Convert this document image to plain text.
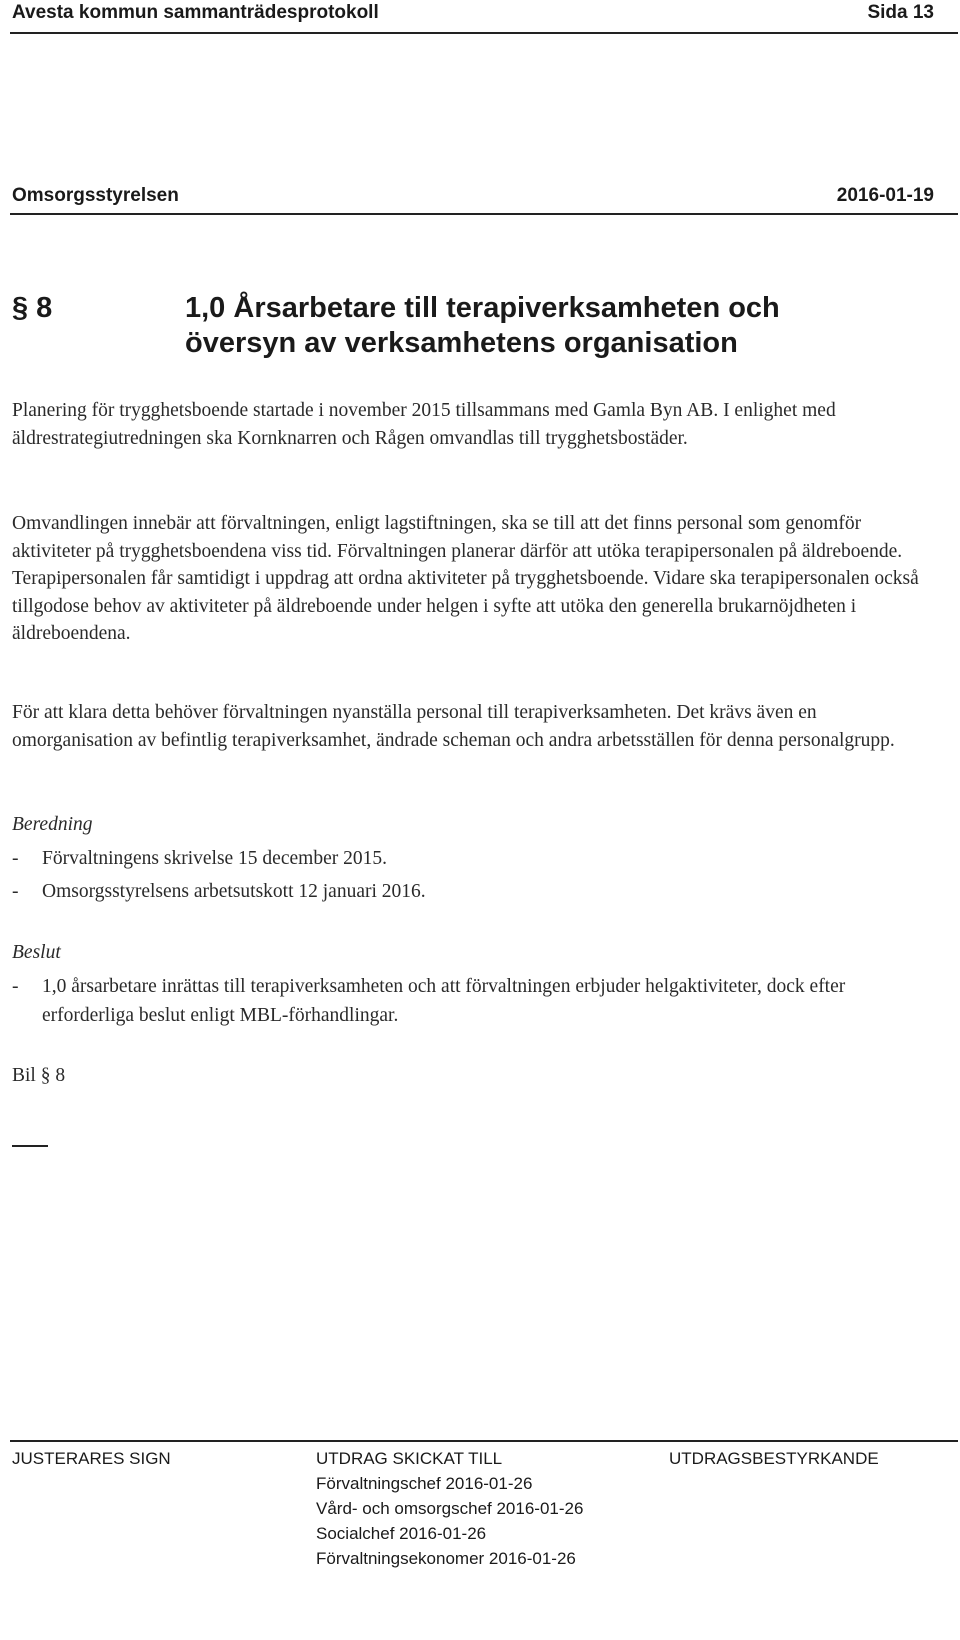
Avesta kommun sammanträdesprotokoll	Sida 13
Omsorgsstyrelsen	2016-01-19
§ 8	1,0 Årsarbetare till terapiverksamheten och
översyn av verksamhetens organisation

Planering för trygghetsboende startade i november 2015 tillsammans med Gamla Byn AB. I enlighet med äldrestrategiutredningen ska Kornknarren och Rågen omvandlas till trygghetsbostäder.

Omvandlingen innebär att förvaltningen, enligt lagstiftningen, ska se till att det finns personal som genomför aktiviteter på trygghetsboendena viss tid. Förvaltningen planerar därför att utöka terapipersonalen på äldreboende. Terapipersonalen får samtidigt i uppdrag att ordna aktiviteter på trygghetsboende. Vidare ska terapipersonalen också tillgodose behov av aktiviteter på äldreboende under helgen i syfte att utöka den generella brukarnöjdheten i äldreboendena.

För att klara detta behöver förvaltningen nyanställa personal till terapiverksamheten. Det krävs även en omorganisation av befintlig terapiverksamhet, ändrade scheman och andra arbetsställen för denna personalgrupp.

Beredning
- Förvaltningens skrivelse 15 december 2015.
- Omsorgsstyrelsens arbetsutskott 12 januari 2016.
Beslut
- 1,0 årsarbetare inrättas till terapiverksamheten och att förvaltningen erbjuder helgaktiviteter, dock efter erforderliga beslut enligt MBL-förhandlingar.
Bil § 8
JUSTERARES SIGN	UTDRAG SKICKAT TILL	UTDRAGSBESTYRKANDE
Förvaltningschef 2016-01-26
Vård- och omsorgschef 2016-01-26
Socialchef 2016-01-26
Förvaltningsekonomer 2016-01-26
